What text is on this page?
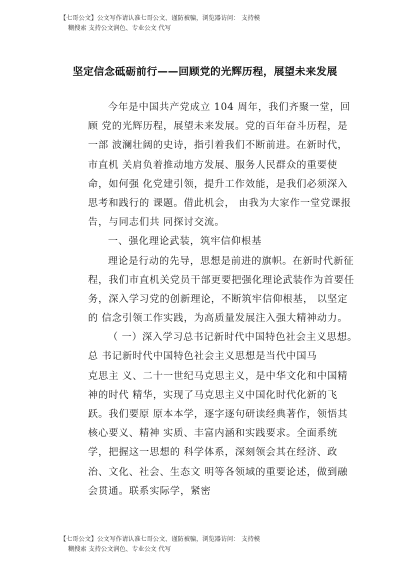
【七哥公文】公文写作请认准七哥公文、谨防被骗，浏览器访问： 支持模
糊搜索 支持公文润色、专业公文 代写
坚定信念砥砺前行——回顾党的光辉历程，展望未来发展
今年是中国共产党成立 104 周年，我们齐聚一堂，回
顾 党的光辉历程，展望未来发展。党的百年奋斗历程，是
一部 波澜壮阔的史诗，指引着我们不断前进。在新时代，
市直机 关肩负着推动地方发展、服务人民群众的重要使
命，如何强 化党建引领，提升工作效能，是我们必须深入
思考和践行的 课题。借此机会， 由我为大家作一堂党课报
告，与同志们共 同探讨交流。
一、强化理论武装，筑牢信仰根基
理论是行动的先导，思想是前进的旗帜。在新时代新征
程，我们市直机关党员干部更要把强化理论武装作为首要任
务，深入学习党的创新理论，不断筑牢信仰根基， 以坚定
的 信念引领工作实践，为高质量发展注入强大精神动力。
（ 一）深入学习总书记新时代中国特色社会主义思想。
总 书记新时代中国特色社会主义思想是当代中国马
克思主 义、二十一世纪马克思主义，是中华文化和中国精
神的时代 精华，实现了马克思主义中国化时代化新的飞
跃。我们要原 原本本学，逐字逐句研读经典著作，领悟其
核心要义、精神 实质、丰富内涵和实践要求。全面系统
学，把握这一思想的 科学体系，深刻领会其在经济、政
治、文化、社会、生态文 明等各领域的重要论述，做到融
会贯通。联系实际学，紧密
【七哥公文】公文写作请认准七哥公文、谨防被骗，浏览器访问： 支持模
糊搜索 支持公文润色、专业公文 代写
